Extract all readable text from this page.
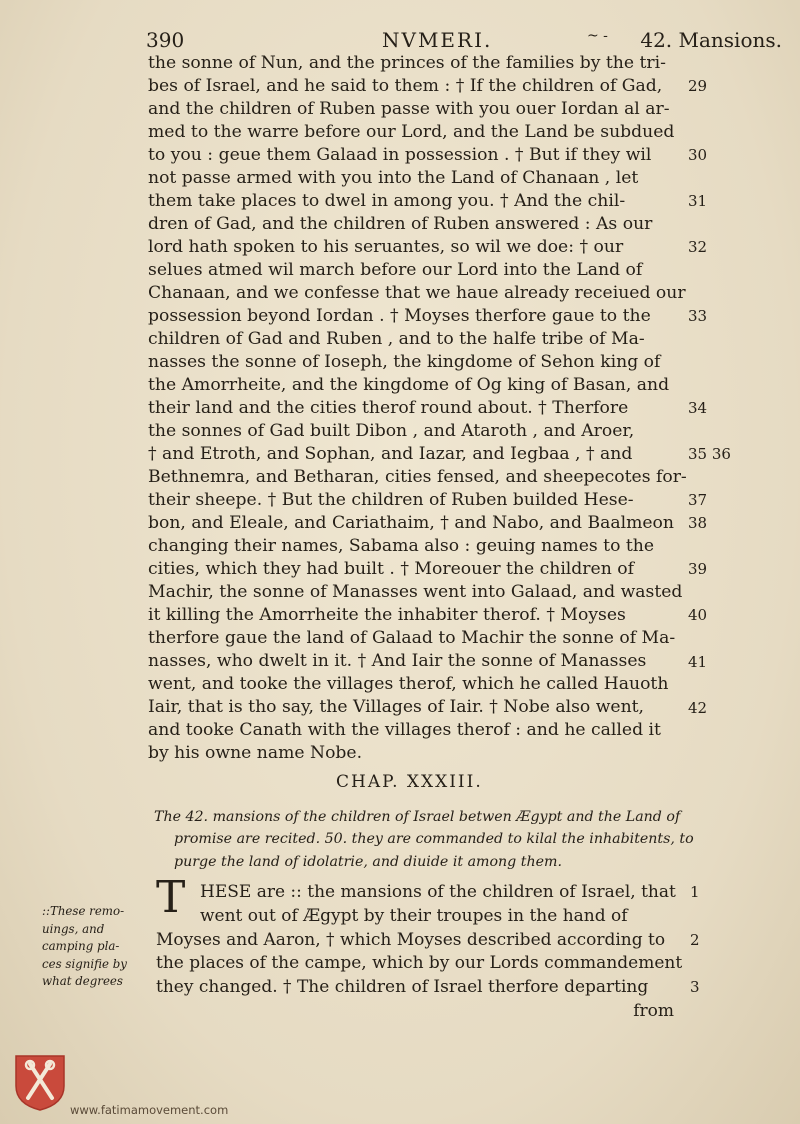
390	NVMERI.	~ - 42. Mansions.
the sonne of Nun, and the princes of the families by the tri-
bes of Israel, and he said to them : † If the children of Gad,
and the children of Ruben passe with you ouer Iordan al ar-
med to the warre before our Lord, and the Land be subdued
to you : geue them Galaad in possession . † But if they wil
not passe armed with you into the Land of Chanaan , let
them take places to dwel in among you. † And the chil-
dren of Gad, and the children of Ruben answered : As our
lord hath spoken to his seruantes, so wil we doe: † our
selues atmed wil march before our Lord into the Land of
Chanaan, and we confesse that we haue already receiued our
possession beyond Iordan . † Moyses therfore gaue to the
children of Gad and Ruben , and to the halfe tribe of Ma-
nasses the sonne of Ioseph, the kingdome of Sehon king of
the Amorrheite, and the kingdome of Og king of Basan, and
their land and the cities therof round about. † Therfore
the sonnes of Gad built Dibon , and Ataroth , and Aroer,
† and Etroth, and Sophan, and Iazar, and Iegbaa , † and
Bethnemra, and Betharan, cities fensed, and sheepecotes for-
their sheepe. † But the children of Ruben builded Hese-
bon, and Eleale, and Cariathaim, † and Nabo, and Baalmeon
changing their names, Sabama also : geuing names to the
cities, which they had built . † Moreouer the children of
Machir, the sonne of Manasses went into Galaad, and wasted
it killing the Amorrheite the inhabiter therof. † Moyses
therfore gaue the land of Galaad to Machir the sonne of Ma-
nasses, who dwelt in it. † And Iair the sonne of Manasses
went, and tooke the villages therof, which he called Hauoth
Iair, that is tho say, the Villages of Iair. † Nobe also went,
and tooke Canath with the villages therof : and he called it
by his owne name Nobe.
29
30
31
32
33
34
35 36
37
38
39
40
41
42
CHAP. XXXIII.
The 42. mansions of the children of Israel betwen Ægypt and the Land of
promise are recited. 50. they are commanded to kilal the inhabitents, to
purge the land of idolatrie, and diuide it among them.
T HESE are :: the mansions of the children of Israel, that
went out of Ægypt by their troupes in the hand of
Moyses and Aaron, † which Moyses described according to
the places of the campe, which by our Lords commandement
they changed. † The children of Israel therfore departing
from
1
2
3
::These remo-
uings, and
camping pla-
ces signifie by
what degrees
www.fatimamovement.com
